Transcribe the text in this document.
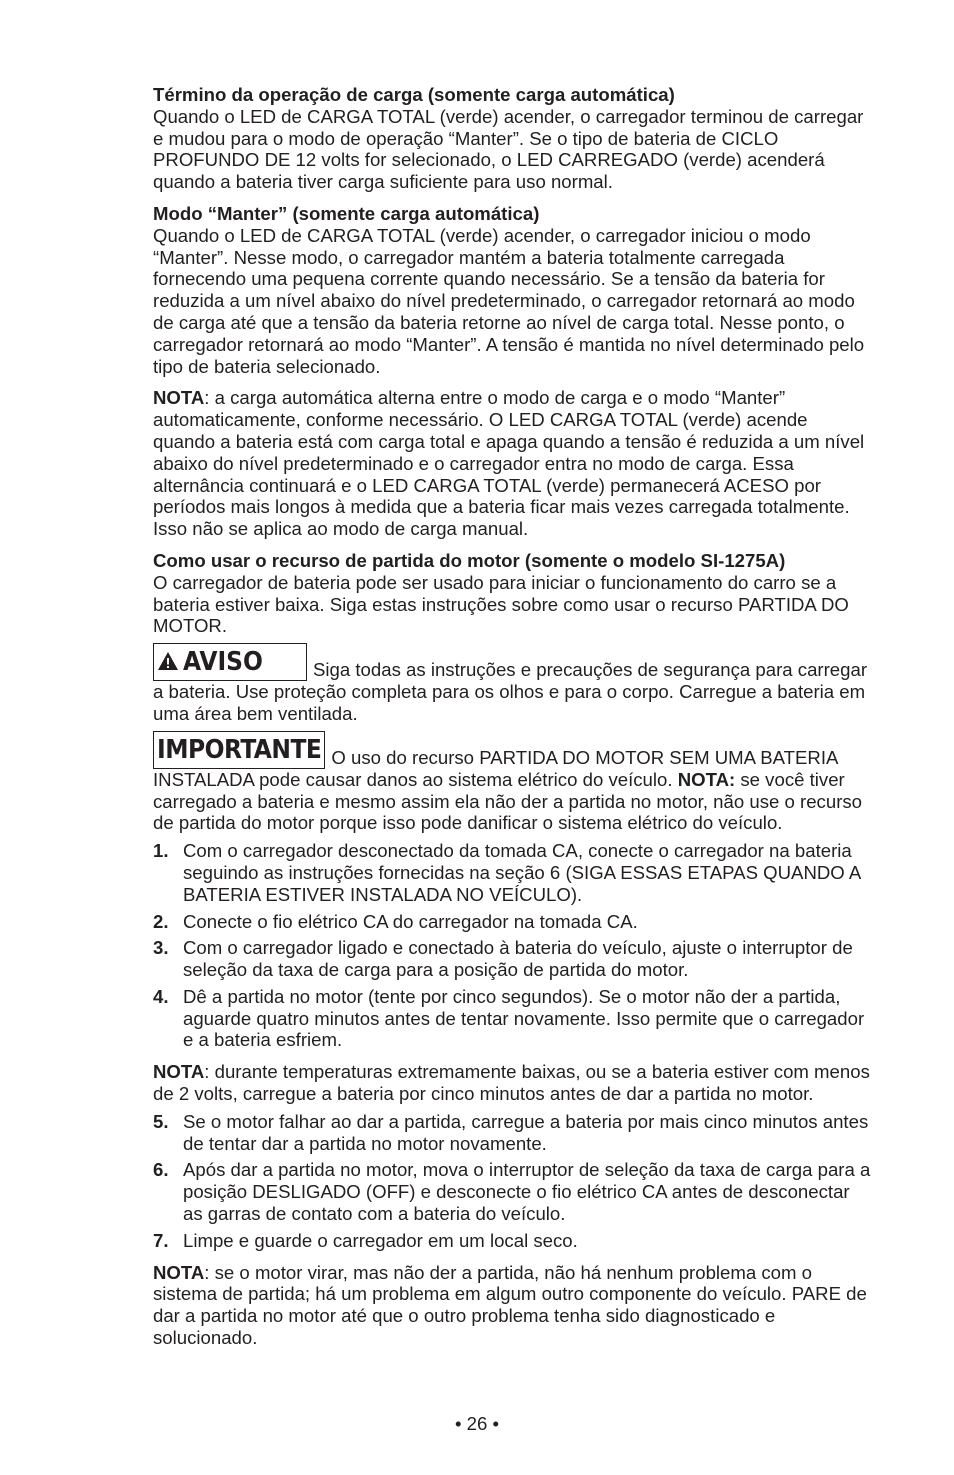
Término da operação de carga (somente carga automática)

Quando o LED de CARGA TOTAL (verde) acender, o carregador terminou de carregar e mudou para o modo de operação “Manter”. Se o tipo de bateria de CICLO PROFUNDO DE 12 volts for selecionado, o LED CARREGADO (verde) acenderá quando a bateria tiver carga suficiente para uso normal.

Modo “Manter” (somente carga automática)

Quando o LED de CARGA TOTAL (verde) acender, o carregador iniciou o modo “Manter”. Nesse modo, o carregador mantém a bateria totalmente carregada fornecendo uma pequena corrente quando necessário. Se a tensão da bateria for reduzida a um nível abaixo do nível predeterminado, o carregador retornará ao modo de carga até que a tensão da bateria retorne ao nível de carga total. Nesse ponto, o carregador retornará ao modo “Manter”. A tensão é mantida no nível determinado pelo tipo de bateria selecionado.

NOTA: a carga automática alterna entre o modo de carga e o modo “Manter” automaticamente, conforme necessário. O LED CARGA TOTAL (verde) acende quando a bateria está com carga total e apaga quando a tensão é reduzida a um nível abaixo do nível predeterminado e o carregador entra no modo de carga. Essa alternância continuará e o LED CARGA TOTAL (verde) permanecerá ACESO por períodos mais longos à medida que a bateria ficar mais vezes carregada totalmente. Isso não se aplica ao modo de carga manual.

Como usar o recurso de partida do motor (somente o modelo SI-1275A)

O carregador de bateria pode ser usado para iniciar o funcionamento do carro se a bateria estiver baixa. Siga estas instruções sobre como usar o recurso PARTIDA DO MOTOR.

AVISO	Siga todas as instruções e precauções de segurança para carregar a bateria. Use proteção completa para os olhos e para o corpo. Carregue a bateria em uma área bem ventilada.

IMPORTANTE O uso do recurso PARTIDA DO MOTOR SEM UMA BATERIA INSTALADA pode causar danos ao sistema elétrico do veículo. NOTA: se você tiver carregado a bateria e mesmo assim ela não der a partida no motor, não use o recurso de partida do motor porque isso pode danificar o sistema elétrico do veículo.

1. Com o carregador desconectado da tomada CA, conecte o carregador na bateria seguindo as instruções fornecidas na seção 6 (SIGA ESSAS ETAPAS QUANDO A BATERIA ESTIVER INSTALADA NO VEÍCULO).
2. Conecte o fio elétrico CA do carregador na tomada CA.
3. Com o carregador ligado e conectado à bateria do veículo, ajuste o interruptor de seleção da taxa de carga para a posição de partida do motor.
4. Dê a partida no motor (tente por cinco segundos). Se o motor não der a partida, aguarde quatro minutos antes de tentar novamente. Isso permite que o carregador e a bateria esfriem.

NOTA: durante temperaturas extremamente baixas, ou se a bateria estiver com menos de 2 volts, carregue a bateria por cinco minutos antes de dar a partida no motor.

5. Se o motor falhar ao dar a partida, carregue a bateria por mais cinco minutos antes de tentar dar a partida no motor novamente.
6. Após dar a partida no motor, mova o interruptor de seleção da taxa de carga para a posição DESLIGADO (OFF) e desconecte o fio elétrico CA antes de desconectar as garras de contato com a bateria do veículo.
7. Limpe e guarde o carregador em um local seco.

NOTA: se o motor virar, mas não der a partida, não há nenhum problema com o sistema de partida; há um problema em algum outro componente do veículo. PARE de dar a partida no motor até que o outro problema tenha sido diagnosticado e solucionado.

• 26 •
